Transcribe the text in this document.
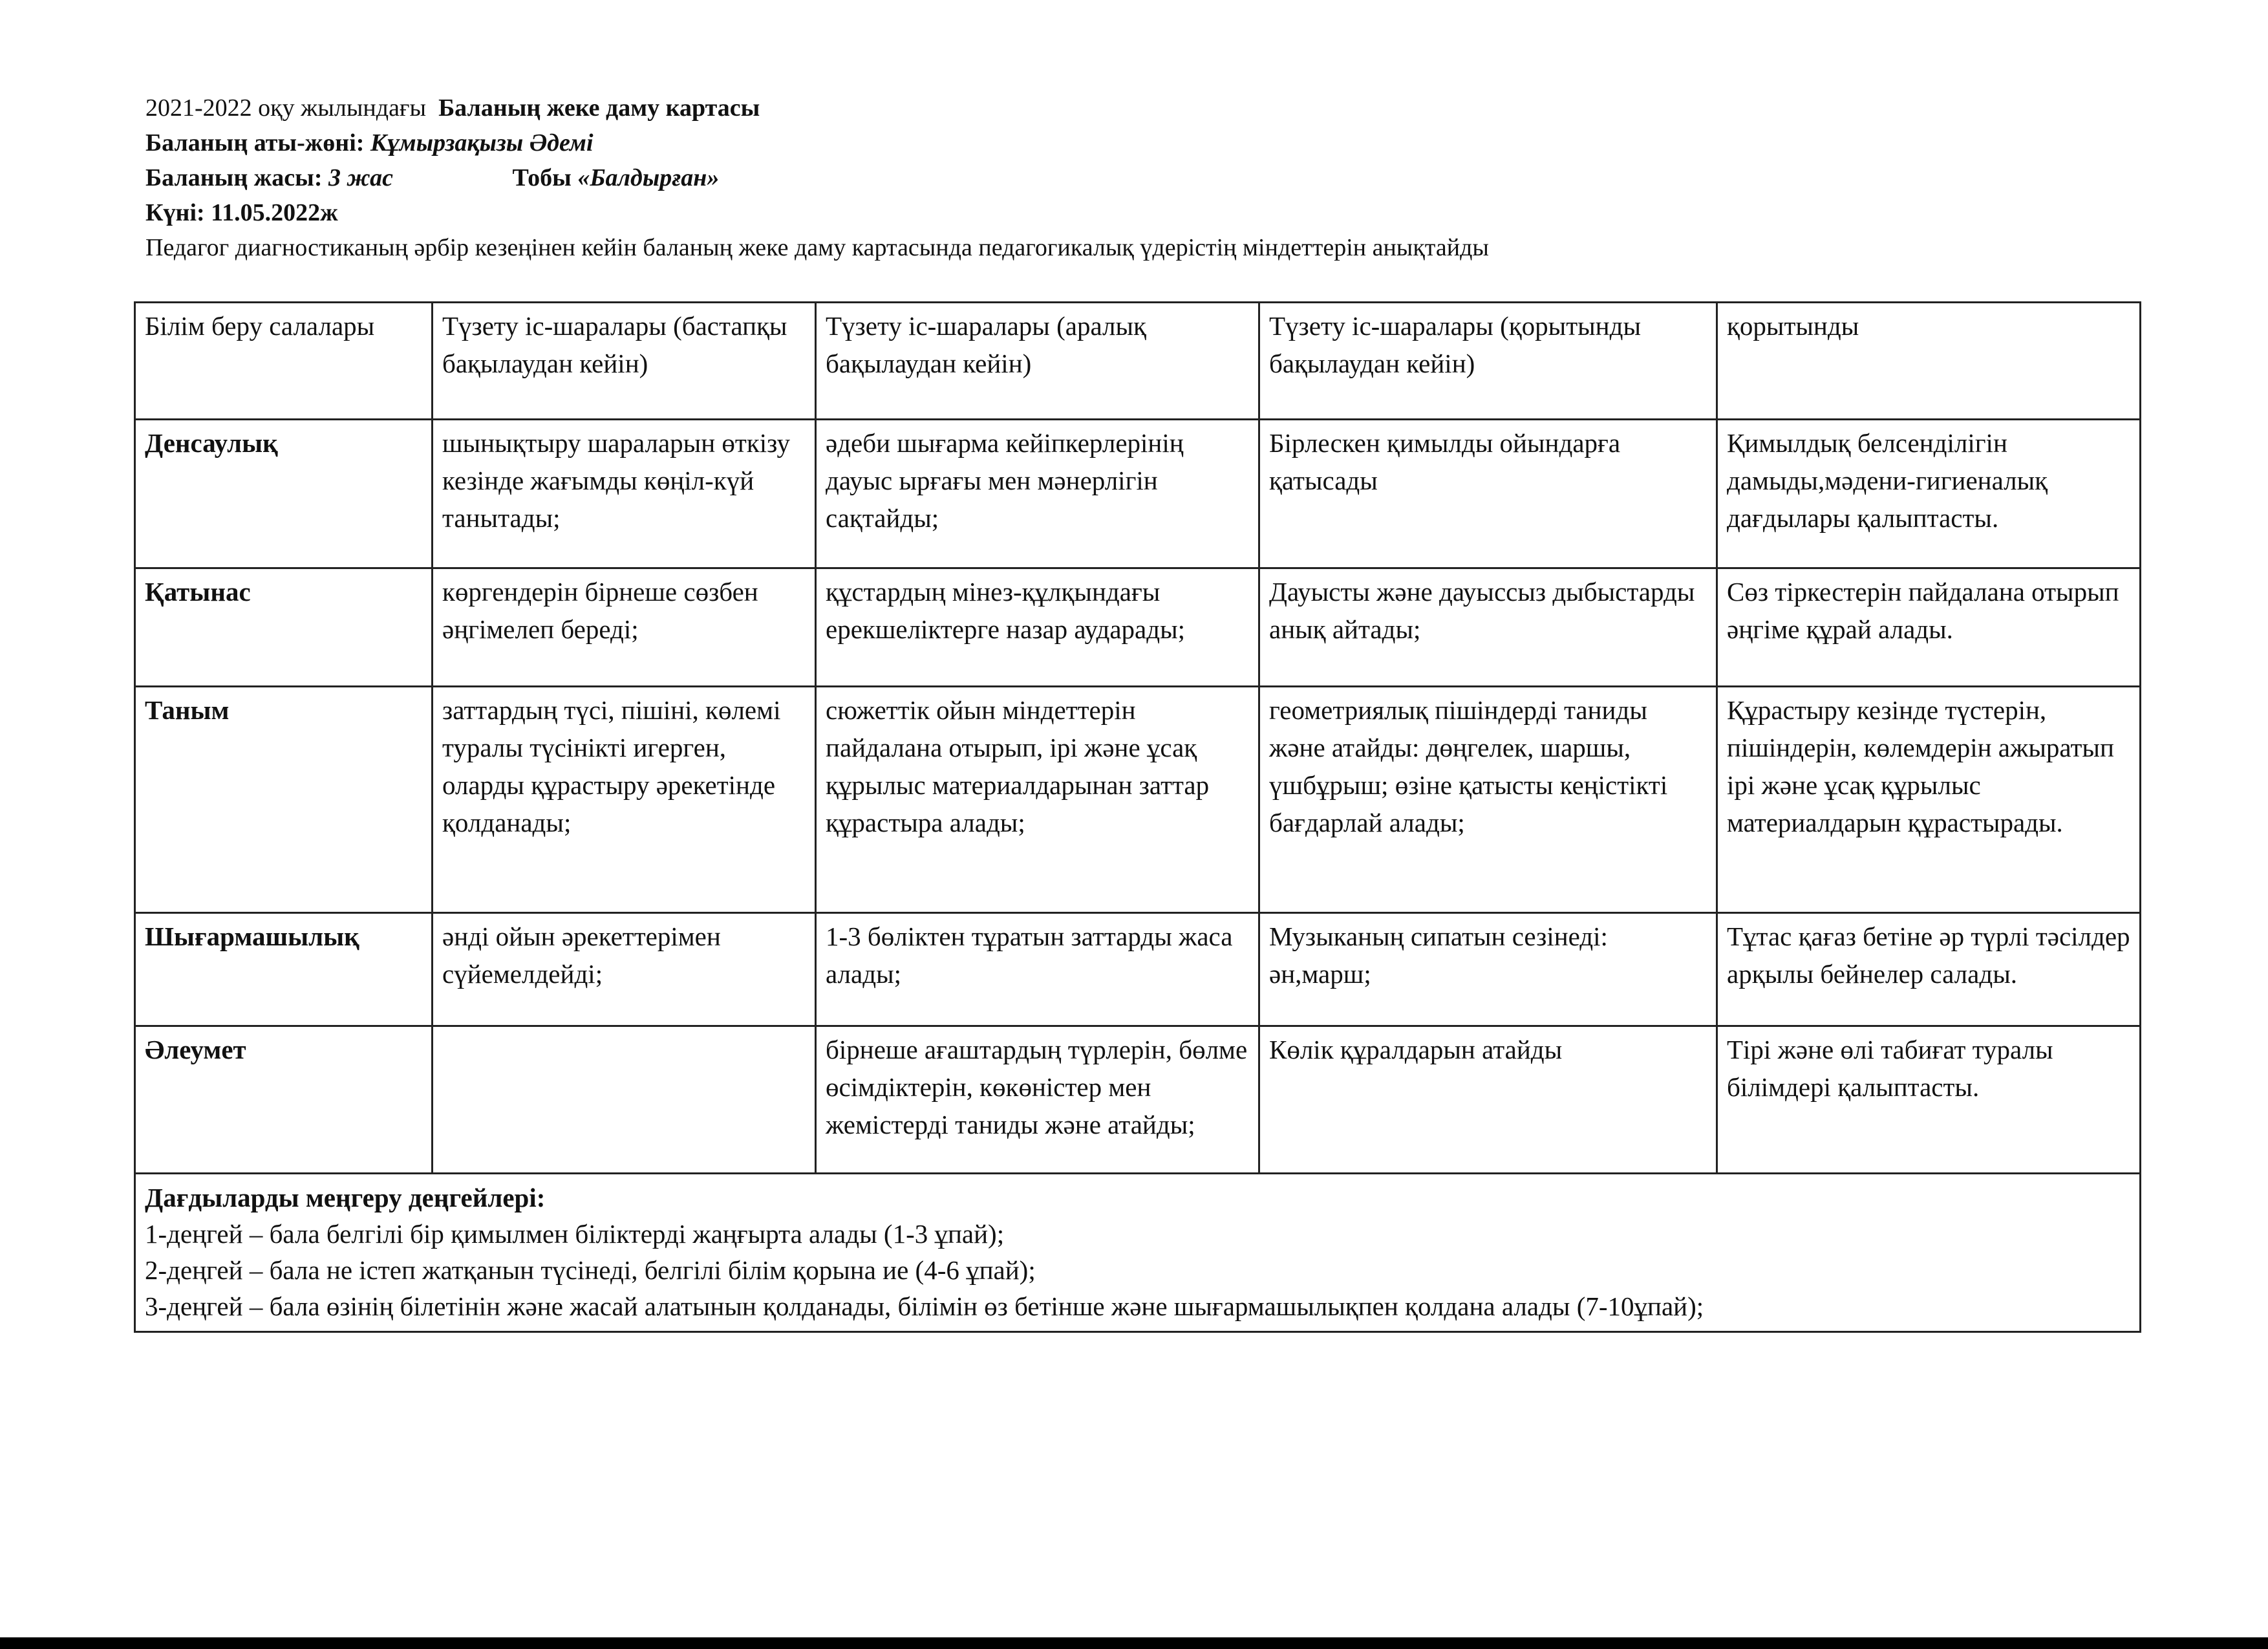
2021-2022 оқу жылындағы Баланың жеке даму картасы
Баланың аты-жөні: Кұмырзақызы Әдемі
Баланың жасы: 3 жас	Тобы «Балдырған»
Күні: 11.05.2022ж
Педагог диагностиканың әрбір кезеңінен кейін баланың жеке даму картасында педагогикалық үдерістің міндеттерін анықтайды
Білім беру салалары	Түзету іс-шаралары (бастапқы бақылаудан кейін)	Түзету іс-шаралары (аралық бақылаудан кейін)	Түзету іс-шаралары (қорытынды бақылаудан кейін)	қорытынды
Денсаулық	шынықтыру шараларын өткізу кезінде жағымды көңіл-күй танытады;	әдеби шығарма кейіпкерлерінің дауыс ырғағы мен мәнерлігін сақтайды;	Бірлескен қимылды ойындарға қатысады	Қимылдық белсенділігін дамыды,мәдени-гигиеналық дағдылары қалыптасты.
Қатынас	көргендерін бірнеше сөзбен әңгімелеп береді;	құстардың мінез-құлқындағы ерекшеліктерге назар аударады;	Дауысты және дауыссыз дыбыстарды анық айтады;	Сөз тіркестерін пайдалана отырып әңгіме құрай алады.
Таным	заттардың түсі, пішіні, көлемі туралы түсінікті игерген, оларды құрастыру әрекетінде қолданады;	сюжеттік ойын міндеттерін пайдалана отырып, ірі және ұсақ құрылыс материалдарынан заттар құрастыра алады;	геометриялық пішіндерді таниды және атайды: дөңгелек, шаршы, үшбұрыш; өзіне қатысты кеңістікті бағдарлай алады;	Құрастыру кезінде түстерін, пішіндерін, көлемдерін ажыратып ірі және ұсақ құрылыс материалдарын құрастырады.
Шығармашылық	әнді ойын әрекеттерімен сүйемелдейді;	1-3 бөліктен тұратын заттарды жаса алады;	Музыканың сипатын сезінеді: ән,марш;	Тұтас қағаз бетіне әр түрлі тәсілдер арқылы бейнелер салады.
Әлеумет		бірнеше ағаштардың түрлерін, бөлме өсімдіктерін, көкөністер мен жемістерді таниды және атайды;	Көлік құралдарын атайды	Тірі және өлі табиғат туралы білімдері қалыптасты.

Дағдыларды меңгеру деңгейлері:
1-деңгей – бала белгілі бір қимылмен біліктерді жаңғырта алады (1-3 ұпай);
2-деңгей – бала не істеп жатқанын түсінеді, белгілі білім қорына ие (4-6 ұпай);
3-деңгей – бала өзінің білетінін және жасай алатынын қолданады, білімін өз бетінше және шығармашылықпен қолдана алады (7-10ұпай);				
